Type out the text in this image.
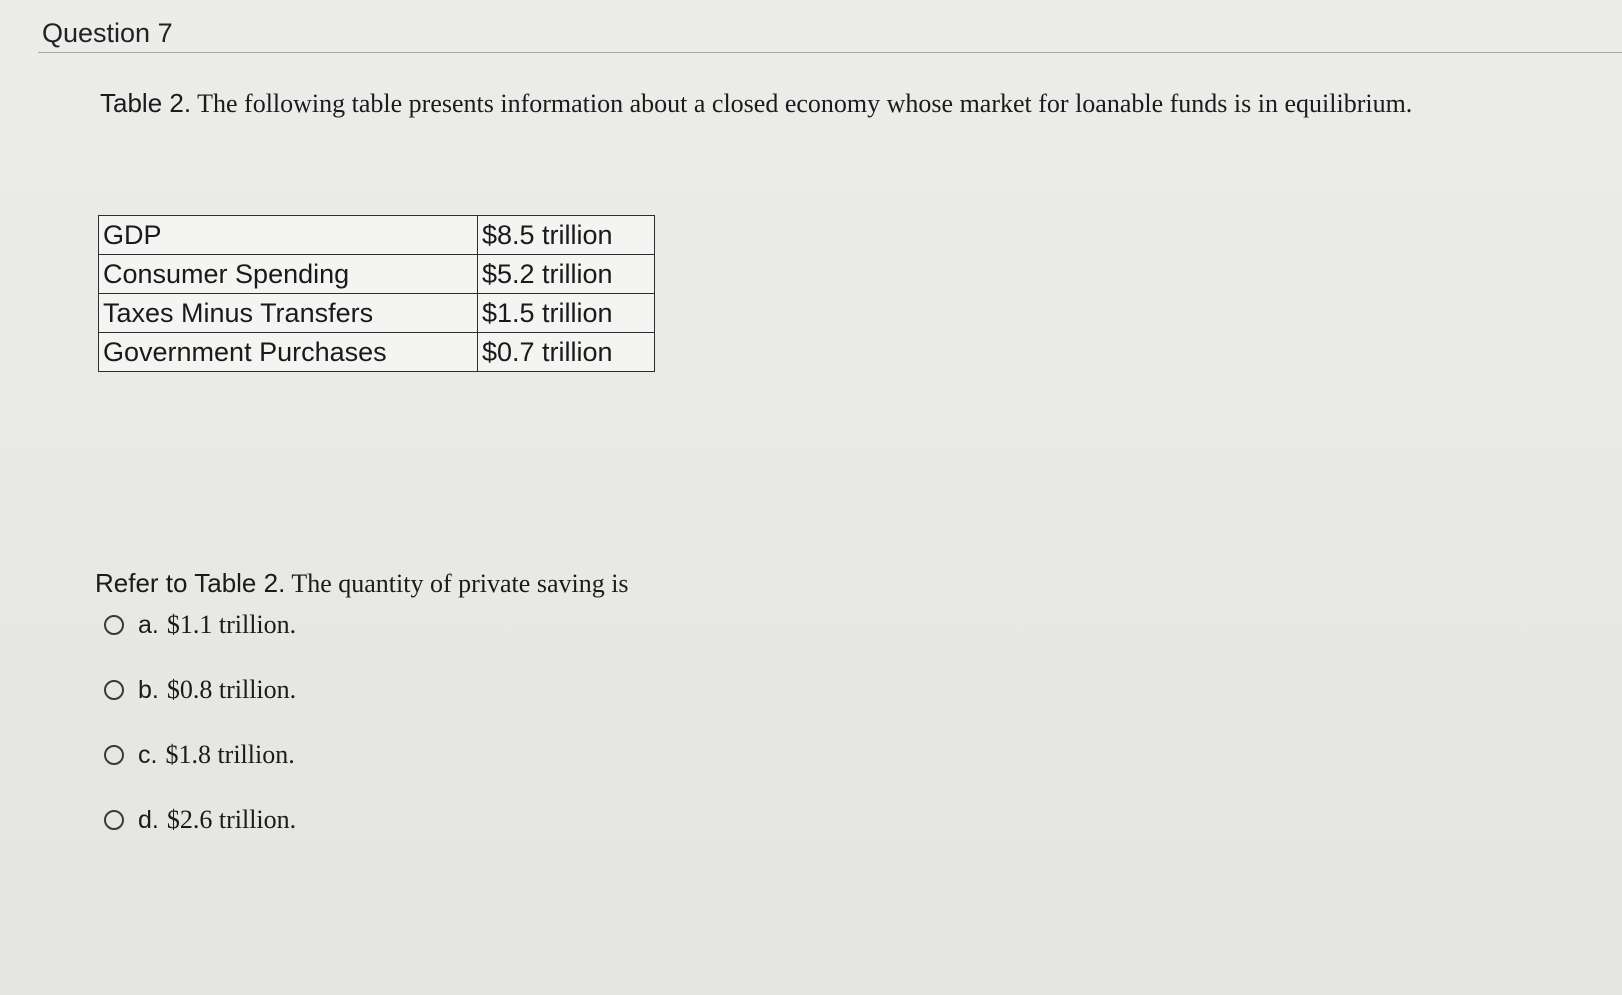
Question 7
Table 2. The following table presents information about a closed economy whose market for loanable funds is in equilibrium.
GDP	$8.5 trillion
Consumer Spending	$5.2 trillion
Taxes Minus Transfers	$1.5 trillion
Government Purchases	$0.7 trillion
Refer to Table 2. The quantity of private saving is
a. $1.1 trillion.
b. $0.8 trillion.
c. $1.8 trillion.
d. $2.6 trillion.
